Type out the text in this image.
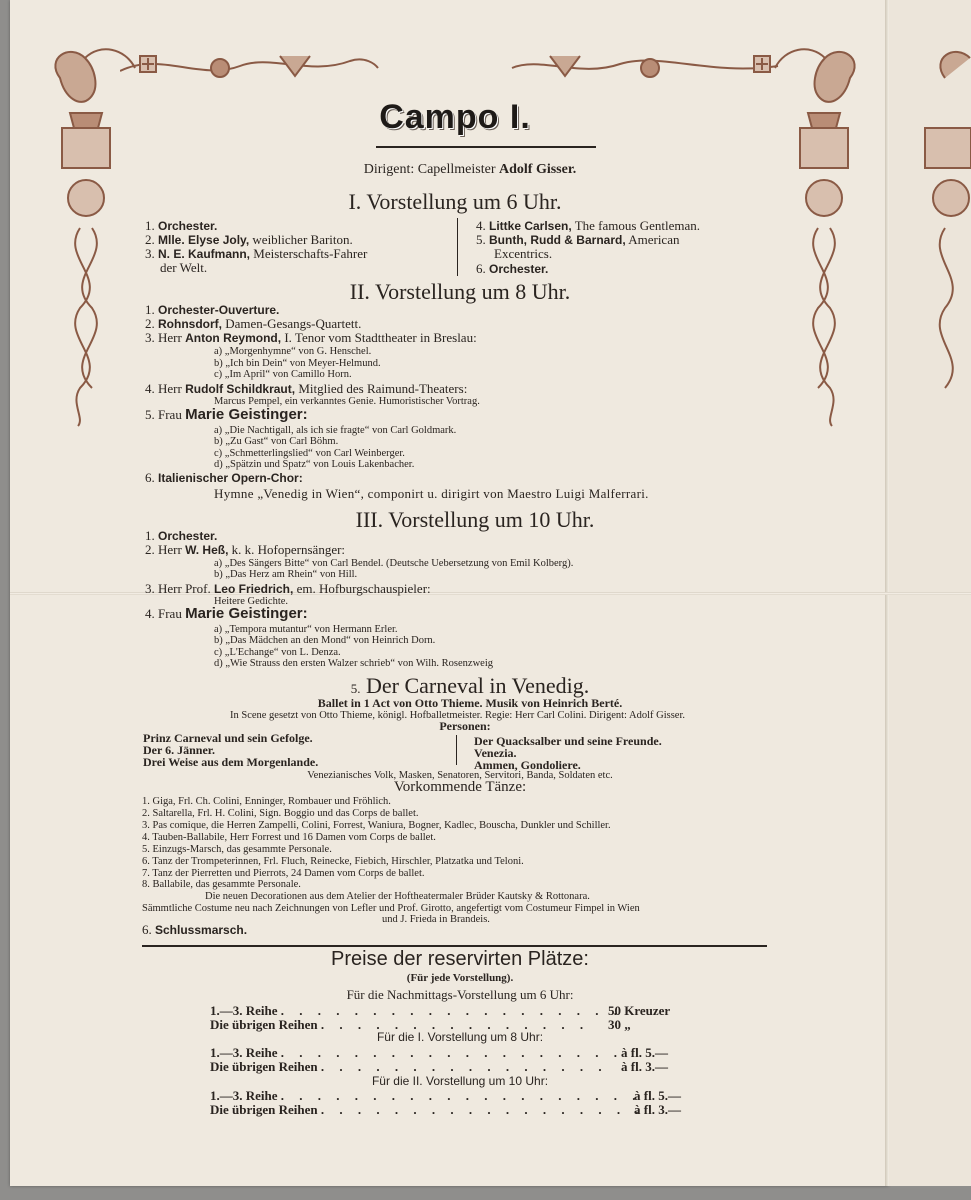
Campo I.
Dirigent: Capellmeister Adolf Gisser.
I. Vorstellung um 6 Uhr.
1. Orchester.
2. Mlle. Elyse Joly, weiblicher Bariton.
3. N. E. Kaufmann, Meisterschafts-Fahrer
der Welt.
4. Littke Carlsen, The famous Gentleman.
5. Bunth, Rudd & Barnard, American
Excentrics.
6. Orchester.
II. Vorstellung um 8 Uhr.
1. Orchester-Ouverture.
2. Rohnsdorf, Damen-Gesangs-Quartett.
3. Herr Anton Reymond, I. Tenor vom Stadttheater in Breslau:
a) „Morgenhymne“ von G. Henschel.
b) „Ich bin Dein“ von Meyer-Helmund.
c) „Im April“ von Camillo Horn.
4. Herr Rudolf Schildkraut, Mitglied des Raimund-Theaters:
Marcus Pempel, ein verkanntes Genie. Humoristischer Vortrag.
5. Frau Marie Geistinger:
a) „Die Nachtigall, als ich sie fragte“ von Carl Goldmark.
b) „Zu Gast“ von Carl Böhm.
c) „Schmetterlingslied“ von Carl Weinberger.
d) „Spätzin und Spatz“ von Louis Lakenbacher.
6. Italienischer Opern-Chor:
Hymne „Venedig in Wien“, componirt u. dirigirt von Maestro Luigi Malferrari.
III. Vorstellung um 10 Uhr.
1. Orchester.
2. Herr W. Heß, k. k. Hofopernsänger:
a) „Des Sängers Bitte“ von Carl Bendel. (Deutsche Uebersetzung von Emil Kolberg).
b) „Das Herz am Rhein“ von Hill.
3. Herr Prof. Leo Friedrich, em. Hofburgschauspieler:
Heitere Gedichte.
4. Frau Marie Geistinger:
a) „Tempora mutantur“ von Hermann Erler.
b) „Das Mädchen an den Mond“ von Heinrich Dorn.
c) „L'Echange“ von L. Denza.
d) „Wie Strauss den ersten Walzer schrieb“ von Wilh. Rosenzweig
5. Der Carneval in Venedig.
Ballet in 1 Act von Otto Thieme. Musik von Heinrich Berté.
In Scene gesetzt von Otto Thieme, königl. Hofballetmeister. Regie: Herr Carl Colini. Dirigent: Adolf Gisser.
Personen:
Prinz Carneval und sein Gefolge.
Der 6. Jänner.
Drei Weise aus dem Morgenlande.
Der Quacksalber und seine Freunde.
Venezia.
Ammen, Gondoliere.
Venezianisches Volk, Masken, Senatoren, Servitori, Banda, Soldaten etc.
Vorkommende Tänze:
1. Giga, Frl. Ch. Colini, Enninger, Rombauer und Fröhlich.
2. Saltarella, Frl. H. Colini, Sign. Boggio und das Corps de ballet.
3. Pas comique, die Herren Zampelli, Colini, Forrest, Waniura, Bogner, Kadlec, Bouscha, Dunkler und Schiller.
4. Tauben-Ballabile, Herr Forrest und 16 Damen vom Corps de ballet.
5. Einzugs-Marsch, das gesammte Personale.
6. Tanz der Trompeterinnen, Frl. Fluch, Reinecke, Fiebich, Hirschler, Platzatka und Teloni.
7. Tanz der Pierretten und Pierrots, 24 Damen vom Corps de ballet.
8. Ballabile, das gesammte Personale.
Die neuen Decorationen aus dem Atelier der Hoftheatermaler Brüder Kautsky & Rottonara.
Sämmtliche Costume neu nach Zeichnungen von Lefler und Prof. Girotto, angefertigt vom Costumeur Fimpel in Wien
und J. Frieda in Brandeis.
6. Schlussmarsch.
Preise der reservirten Plätze:
(Für jede Vorstellung).
Für die Nachmittags-Vorstellung um 6 Uhr:
1.—3. Reihe . . . . . . . . . . . . . . . . . . .
50 Kreuzer
Die übrigen Reihen . . . . . . . . . . . . . . . 30 „
Für die I. Vorstellung um 8 Uhr:
1.—3. Reihe . . . . . . . . . . . . . . . . . . .
à fl. 5.—
Die übrigen Reihen . . . . . . . . . . . . . . . . à fl. 3.—
Für die II. Vorstellung um 10 Uhr:
1.—3. Reihe . . . . . . . . . . . . . . . . . . . .
à fl. 5.—
Die übrigen Reihen . . . . . . . . . . . . . . . . . .
à fl. 3.—
